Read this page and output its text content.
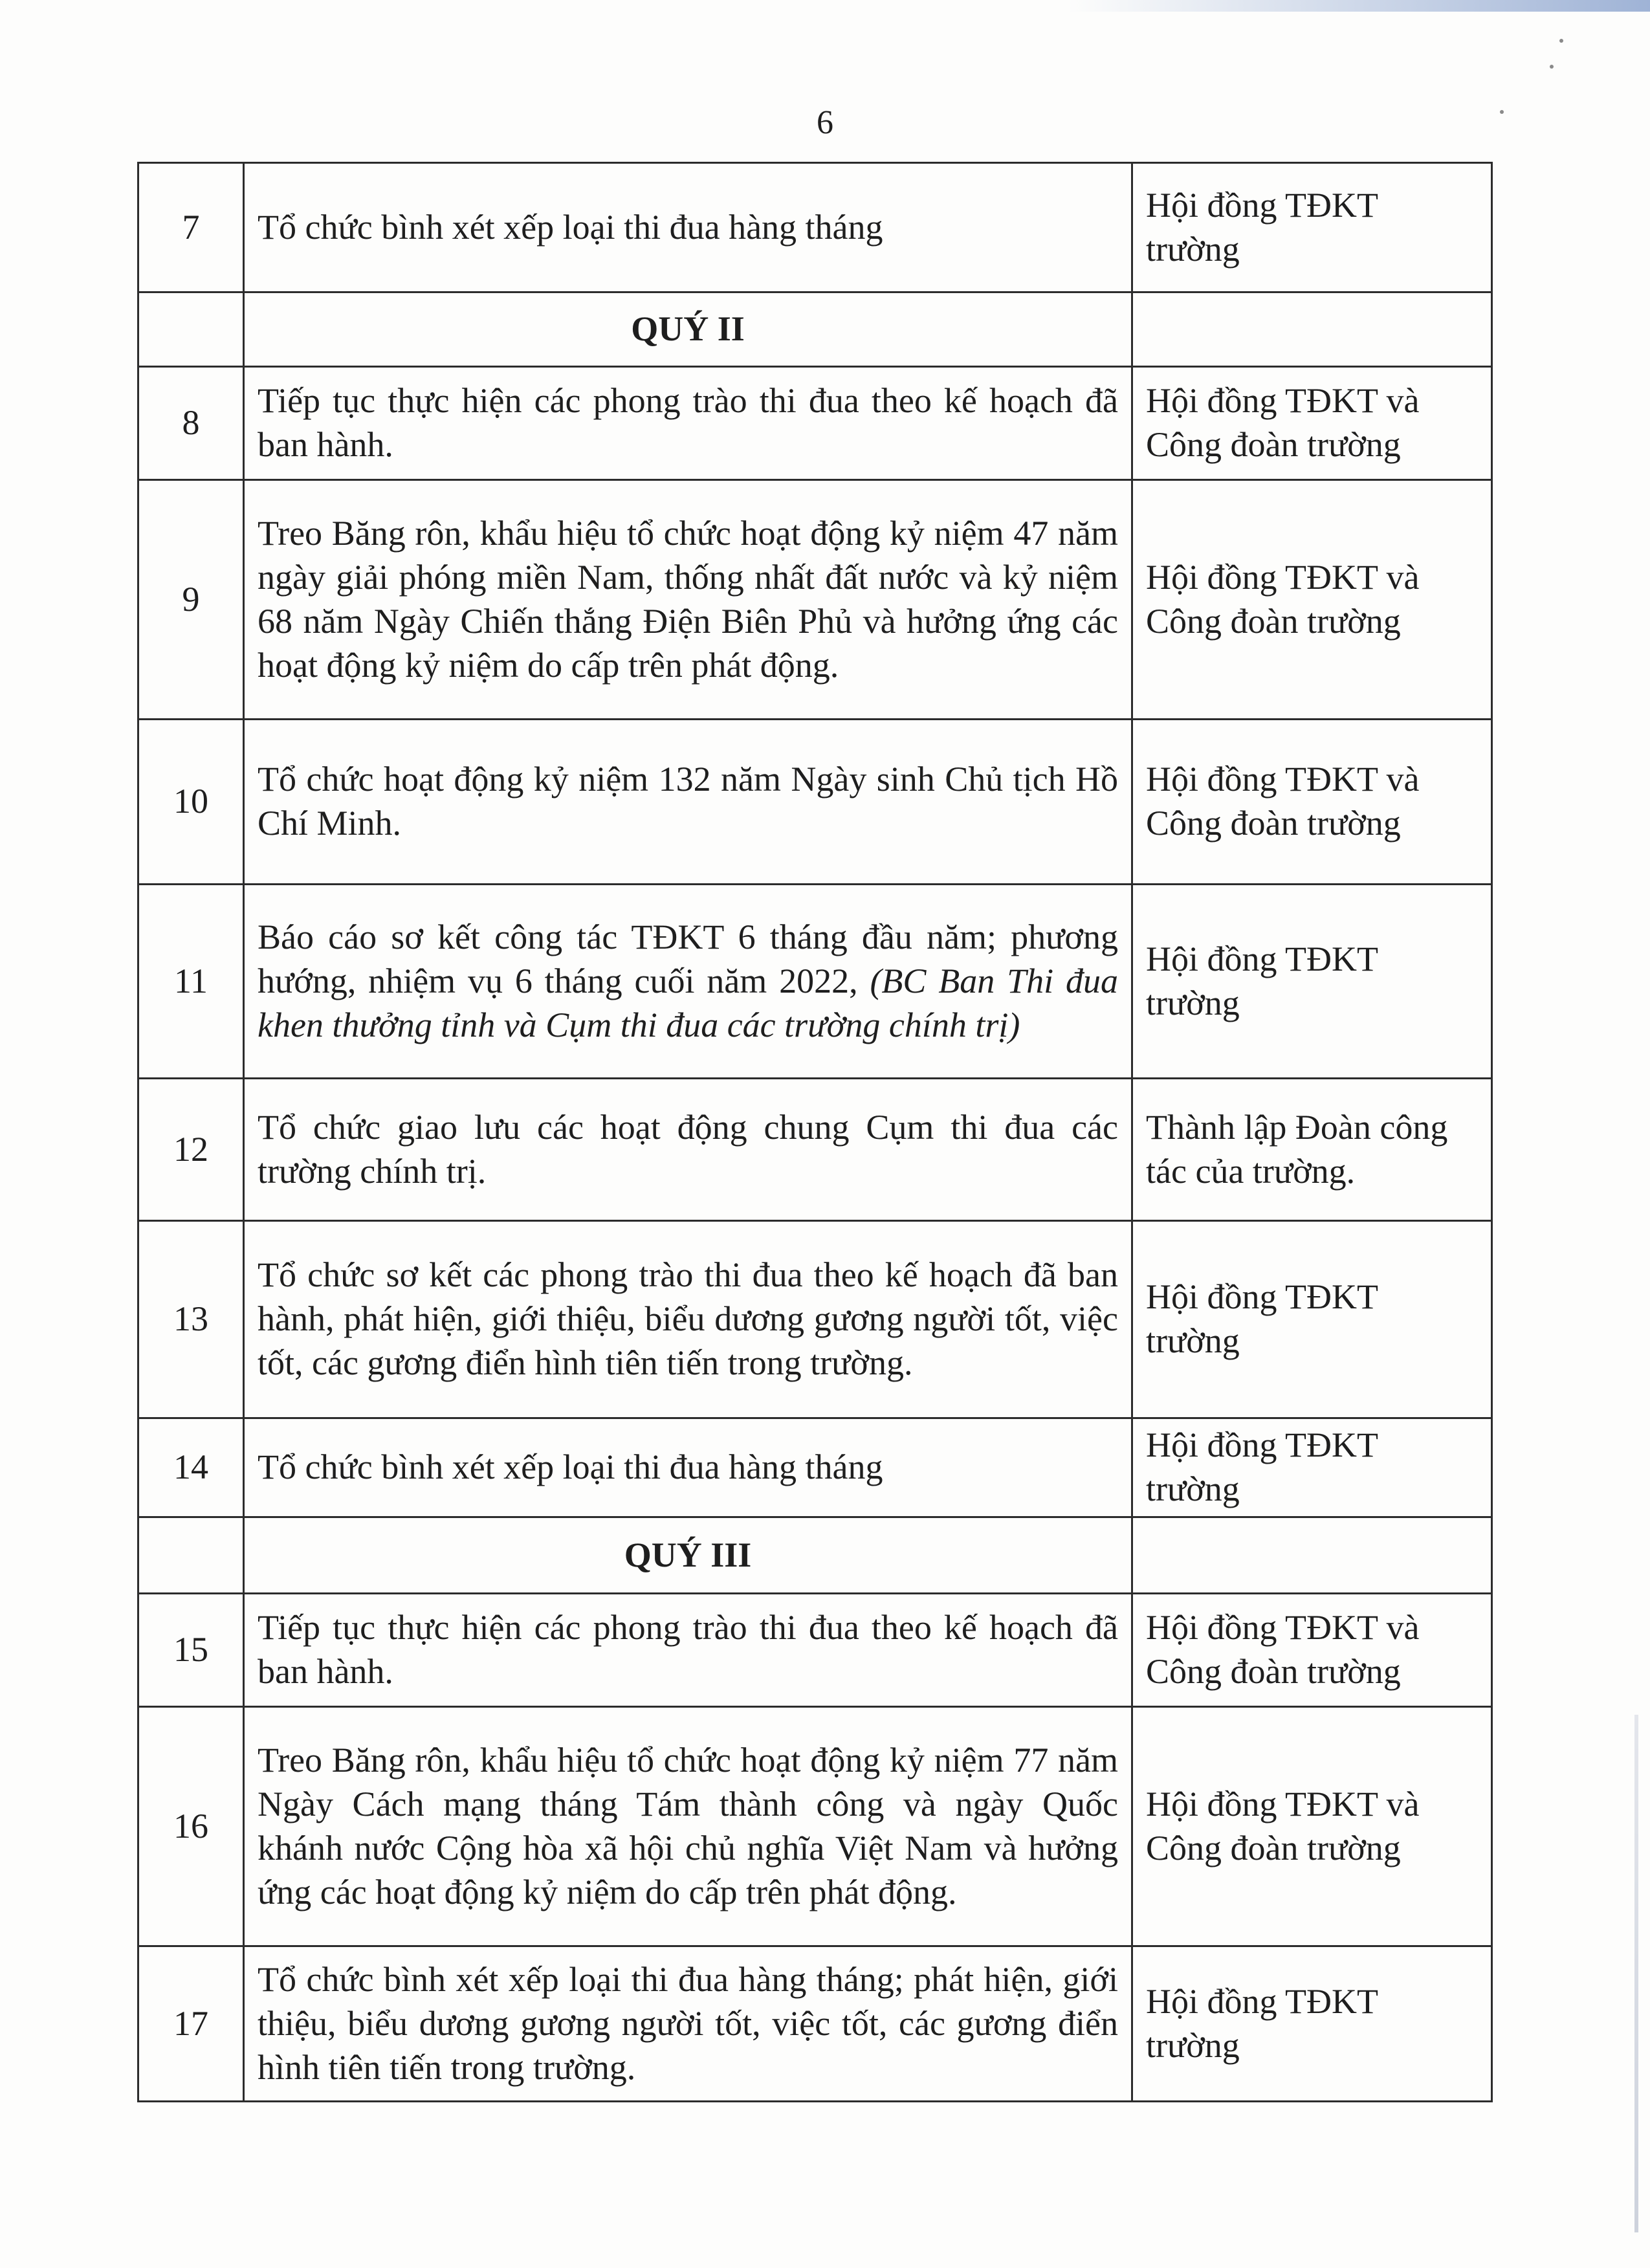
6
7	Tổ chức bình xét xếp loại thi đua hàng tháng	Hội đồng TĐKT trường
	QUÝ II	
8	Tiếp tục thực hiện các phong trào thi đua theo kế hoạch đã ban hành.	Hội đồng TĐKT và Công đoàn trường
9	Treo Băng rôn, khẩu hiệu tổ chức hoạt động kỷ niệm 47 năm ngày giải phóng miền Nam, thống nhất đất nước và kỷ niệm 68 năm Ngày Chiến thắng Điện Biên Phủ và hưởng ứng các hoạt động kỷ niệm do cấp trên phát động.	Hội đồng TĐKT và Công đoàn trường
10	Tổ chức hoạt động kỷ niệm 132 năm Ngày sinh Chủ tịch Hồ Chí Minh.	Hội đồng TĐKT và Công đoàn trường
11	Báo cáo sơ kết công tác TĐKT 6 tháng đầu năm; phương hướng, nhiệm vụ 6 tháng cuối năm 2022, (BC Ban Thi đua khen thưởng tỉnh và Cụm thi đua các trường chính trị)	Hội đồng TĐKT trường
12	Tổ chức giao lưu các hoạt động chung Cụm thi đua các trường chính trị.	Thành lập Đoàn công tác của trường.
13	Tổ chức sơ kết các phong trào thi đua theo kế hoạch đã ban hành, phát hiện, giới thiệu, biểu dương gương người tốt, việc tốt, các gương điển hình tiên tiến trong trường.	Hội đồng TĐKT trường
14	Tổ chức bình xét xếp loại thi đua hàng tháng	Hội đồng TĐKT trường
	QUÝ III	
15	Tiếp tục thực hiện các phong trào thi đua theo kế hoạch đã ban hành.	Hội đồng TĐKT và Công đoàn trường
16	Treo Băng rôn, khẩu hiệu tổ chức hoạt động kỷ niệm 77 năm Ngày Cách mạng tháng Tám thành công và ngày Quốc khánh nước Cộng hòa xã hội chủ nghĩa Việt Nam và hưởng ứng các hoạt động kỷ niệm do cấp trên phát động.	Hội đồng TĐKT và Công đoàn trường
17	Tổ chức bình xét xếp loại thi đua hàng tháng; phát hiện, giới thiệu, biểu dương gương người tốt, việc tốt, các gương điển hình tiên tiến trong trường.	Hội đồng TĐKT trường
